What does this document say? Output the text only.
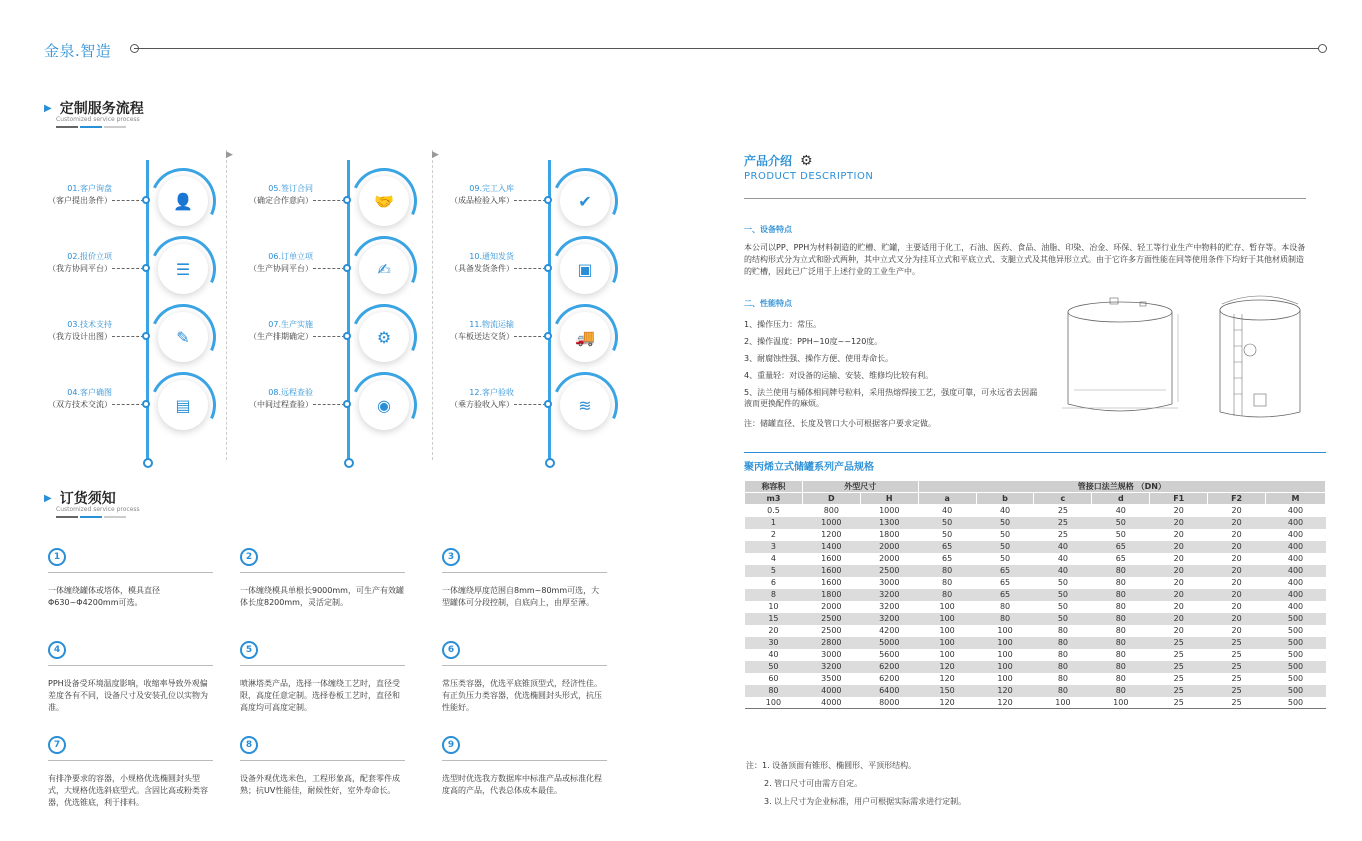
金泉.智造
▶ 定制服务流程
Customized service process
▶	▶
01.客户询盘
（客户提出条件）	👤
02.报价立项
（我方协同平台）	☰
03.技术支持
（我方设计出图）	✎
04.客户确图
（双方技术交流）	▤
05.签订合同
（确定合作意向）	🤝
06.订单立项
（生产协同平台）	✍
07.生产实施
（生产排期确定）	⚙
08.远程查验
（中间过程查验）	◉
09.完工入库
（成品检验入库）	✔
10.通知发货
（具备发货条件）	▣
11.物流运输
（车板送达交货）	🚚
12.客户验收
（乘方验收入库）	≋
▶ 订货须知
Customized service process
1
一体缠绕罐体或塔体，模具直径Φ630~Φ4200mm可选。
2
一体缠绕模具单根长9000mm，可生产有效罐体长度8200mm，灵活定制。
3
一体缠绕厚度范围自8mm~80mm可选，大型罐体可分段控制，自底向上，由厚至薄。
4
PPH设备受环境温度影响，收缩率导致外观偏差度各有不同，设备尺寸及安装孔位以实物为准。
5
喷淋塔类产品，选择一体缠绕工艺时，直径受限，高度任意定制。选择卷板工艺时，直径和高度均可高度定制。
6
常压类容器，优选平底锥顶型式，经济性佳。有正负压力类容器，优选椭圆封头形式，抗压性能好。
7
有排净要求的容器，小规格优选椭圆封头型式，大规格优选斜底型式。含固比高或粉类容器，优选锥底，利于排料。
8
设备外观优选米色，工程形象高，配套零件成熟；抗UV性能佳，耐候性好，室外寿命长。
9
选型时优选我方数据库中标准产品或标准化程度高的产品，代表总体成本最佳。
产品介绍 ⚙
PRODUCT DESCRIPTION
一、设备特点
本公司以PP、PPH为材料制造的贮槽、贮罐，主要适用于化工，石油、医药、食品、油脂、印染、冶金、环保、轻工等行业生产中物料的贮存、暂存等。本设备的结构形式分为立式和卧式两种，其中立式又分为挂耳立式和平底立式、支腿立式及其他异形立式。由于它许多方面性能在同等使用条件下均好于其他材质制造的贮槽，因此已广泛用于上述行业的工业生产中。
二、性能特点
1、操作压力：常压。
2、操作温度：PPH~10度~~120度。
3、耐腐蚀性强、操作方便、使用寿命长。
4、重量轻：对设备的运输、安装、维修均比较有利。
5、法兰使用与桶体相同牌号粒料，采用热熔焊接工艺，强度可靠，可永远省去因漏液而更换配件的麻烦。
注：储罐直径、长度及管口大小可根据客户要求定做。
聚丙烯立式储罐系列产品规格
称容积	外型尺寸		管接口法兰规格 （DN）						
m3	D	H	a	b	c	d	F1	F2	M
0.5	800	1000	40	40	25	40	20	20	400
1	1000	1300	50	50	25	50	20	20	400
2	1200	1800	50	50	25	50	20	20	400
3	1400	2000	65	50	40	65	20	20	400
4	1600	2000	65	50	40	65	20	20	400
5	1600	2500	80	65	40	80	20	20	400
6	1600	3000	80	65	50	80	20	20	400
8	1800	3200	80	65	50	80	20	20	400
10	2000	3200	100	80	50	80	20	20	400
15	2500	3200	100	80	50	80	20	20	500
20	2500	4200	100	100	80	80	20	20	500
30	2800	5000	100	100	80	80	25	25	500
40	3000	5600	100	100	80	80	25	25	500
50	3200	6200	120	100	80	80	25	25	500
60	3500	6200	120	100	80	80	25	25	500
80	4000	6400	150	120	80	80	25	25	500
100	4000	8000	120	120	100	100	25	25	500
注：1. 设备顶面有锥形、椭圆形、平顶形结构。
2. 管口尺寸可由需方自定。
3. 以上尺寸为企业标准，用户可根据实际需求进行定制。
